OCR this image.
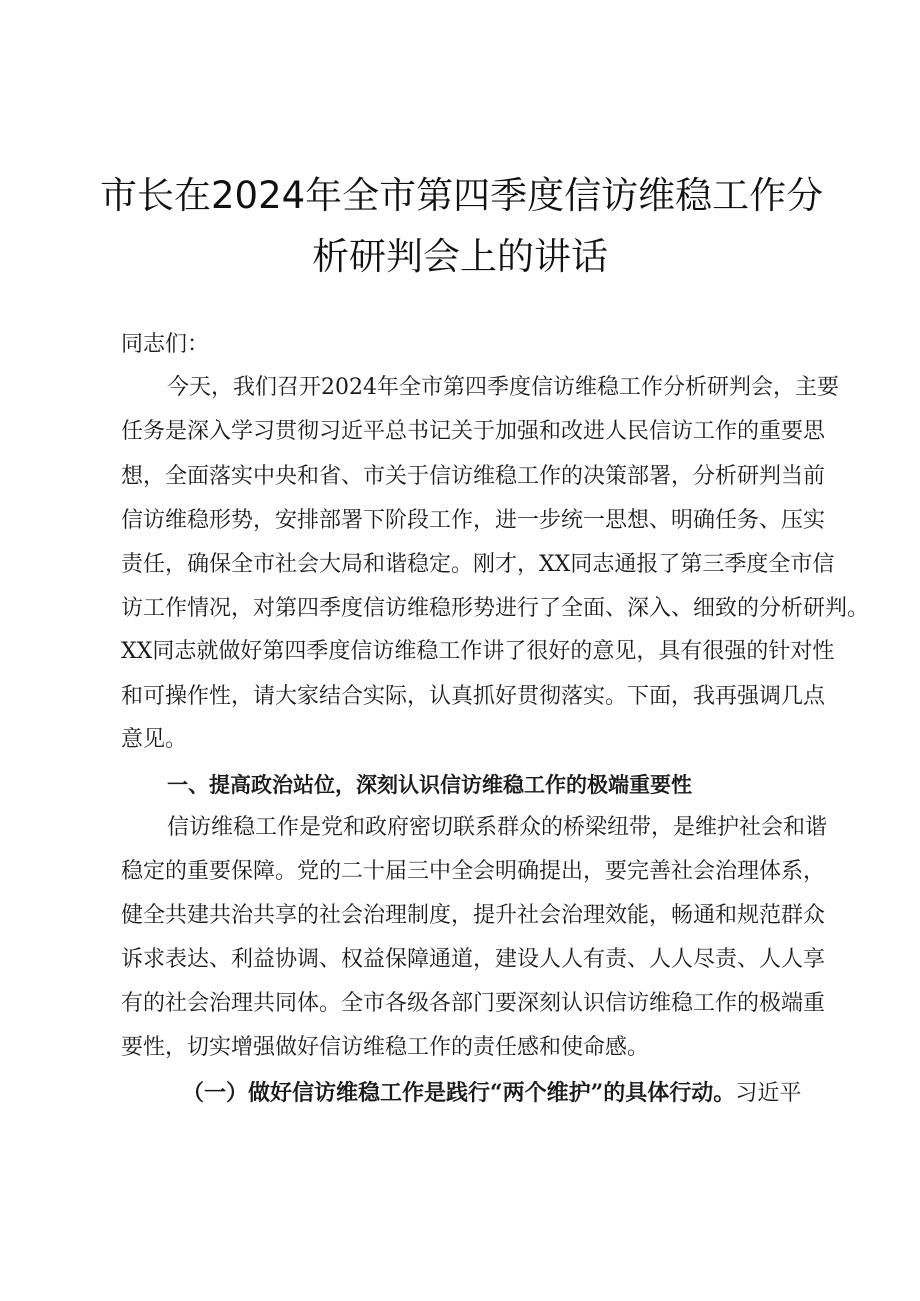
市长在2024年全市第四季度信访维稳工作分
析研判会上的讲话
同志们：
今天，我们召开2024年全市第四季度信访维稳工作分析研判会，主要
任务是深入学习贯彻习近平总书记关于加强和改进人民信访工作的重要思
想，全面落实中央和省、市关于信访维稳工作的决策部署，分析研判当前
信访维稳形势，安排部署下阶段工作，进一步统一思想、明确任务、压实
责任，确保全市社会大局和谐稳定。刚才，XX同志通报了第三季度全市信
访工作情况，对第四季度信访维稳形势进行了全面、深入、细致的分析研判。
XX同志就做好第四季度信访维稳工作讲了很好的意见，具有很强的针对性
和可操作性，请大家结合实际，认真抓好贯彻落实。下面，我再强调几点
意见。
一、提高政治站位，深刻认识信访维稳工作的极端重要性
信访维稳工作是党和政府密切联系群众的桥梁纽带，是维护社会和谐
稳定的重要保障。党的二十届三中全会明确提出，要完善社会治理体系，
健全共建共治共享的社会治理制度，提升社会治理效能，畅通和规范群众
诉求表达、利益协调、权益保障通道，建设人人有责、人人尽责、人人享
有的社会治理共同体。全市各级各部门要深刻认识信访维稳工作的极端重
要性，切实增强做好信访维稳工作的责任感和使命感。
（一）做好信访维稳工作是践行“两个维护”的具体行动。习近平
